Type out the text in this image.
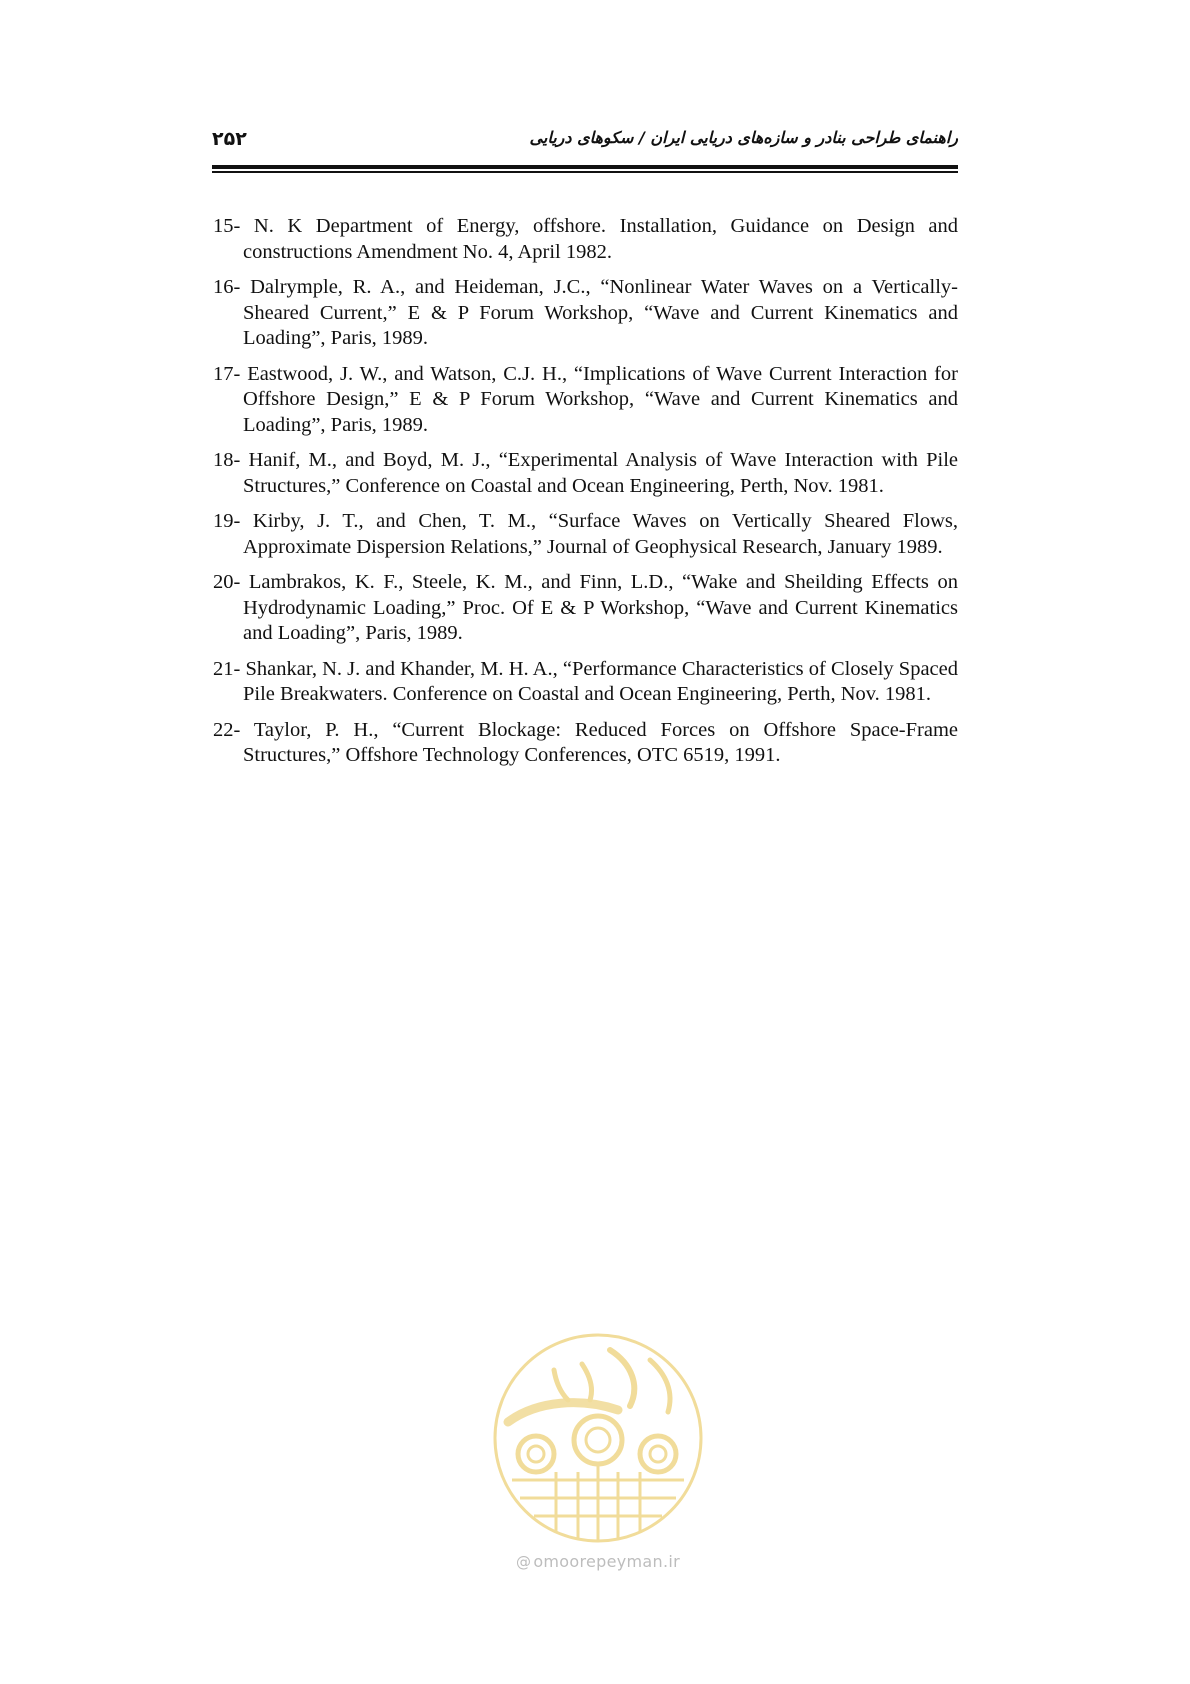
۲۵۲	راهنمای طراحی بنادر و سازه‌های دریایی ایران / سکوهای دریایی
15- N. K Department of Energy, offshore. Installation, Guidance on Design and constructions Amendment No. 4, April 1982.
16- Dalrymple, R. A., and Heideman, J.C., “Nonlinear Water Waves on a Vertically-Sheared Current,” E & P Forum Workshop, “Wave and Current Kinematics and Loading”, Paris, 1989.
17- Eastwood, J. W., and Watson, C.J. H., “Implications of Wave Current Interaction for Offshore Design,” E & P Forum Workshop, “Wave and Current Kinematics and Loading”, Paris, 1989.
18- Hanif, M., and Boyd, M. J., “Experimental Analysis of Wave Interaction with Pile Structures,” Conference on Coastal and Ocean Engineering, Perth, Nov. 1981.
19- Kirby, J. T., and Chen, T. M., “Surface Waves on Vertically Sheared Flows, Approximate Dispersion Relations,” Journal of Geophysical Research, January 1989.
20- Lambrakos, K. F., Steele, K. M., and Finn, L.D., “Wake and Sheilding Effects on Hydrodynamic Loading,” Proc. Of E & P Workshop, “Wave and Current Kinematics and Loading”, Paris, 1989.
21- Shankar, N. J. and Khander, M. H. A., “Performance Characteristics of Closely Spaced Pile Breakwaters. Conference on Coastal and Ocean Engineering, Perth, Nov. 1981.
22- Taylor, P. H., “Current Blockage: Reduced Forces on Offshore Space-Frame Structures,” Offshore Technology Conferences, OTC 6519, 1991.
@ omoorepeyman.ir
